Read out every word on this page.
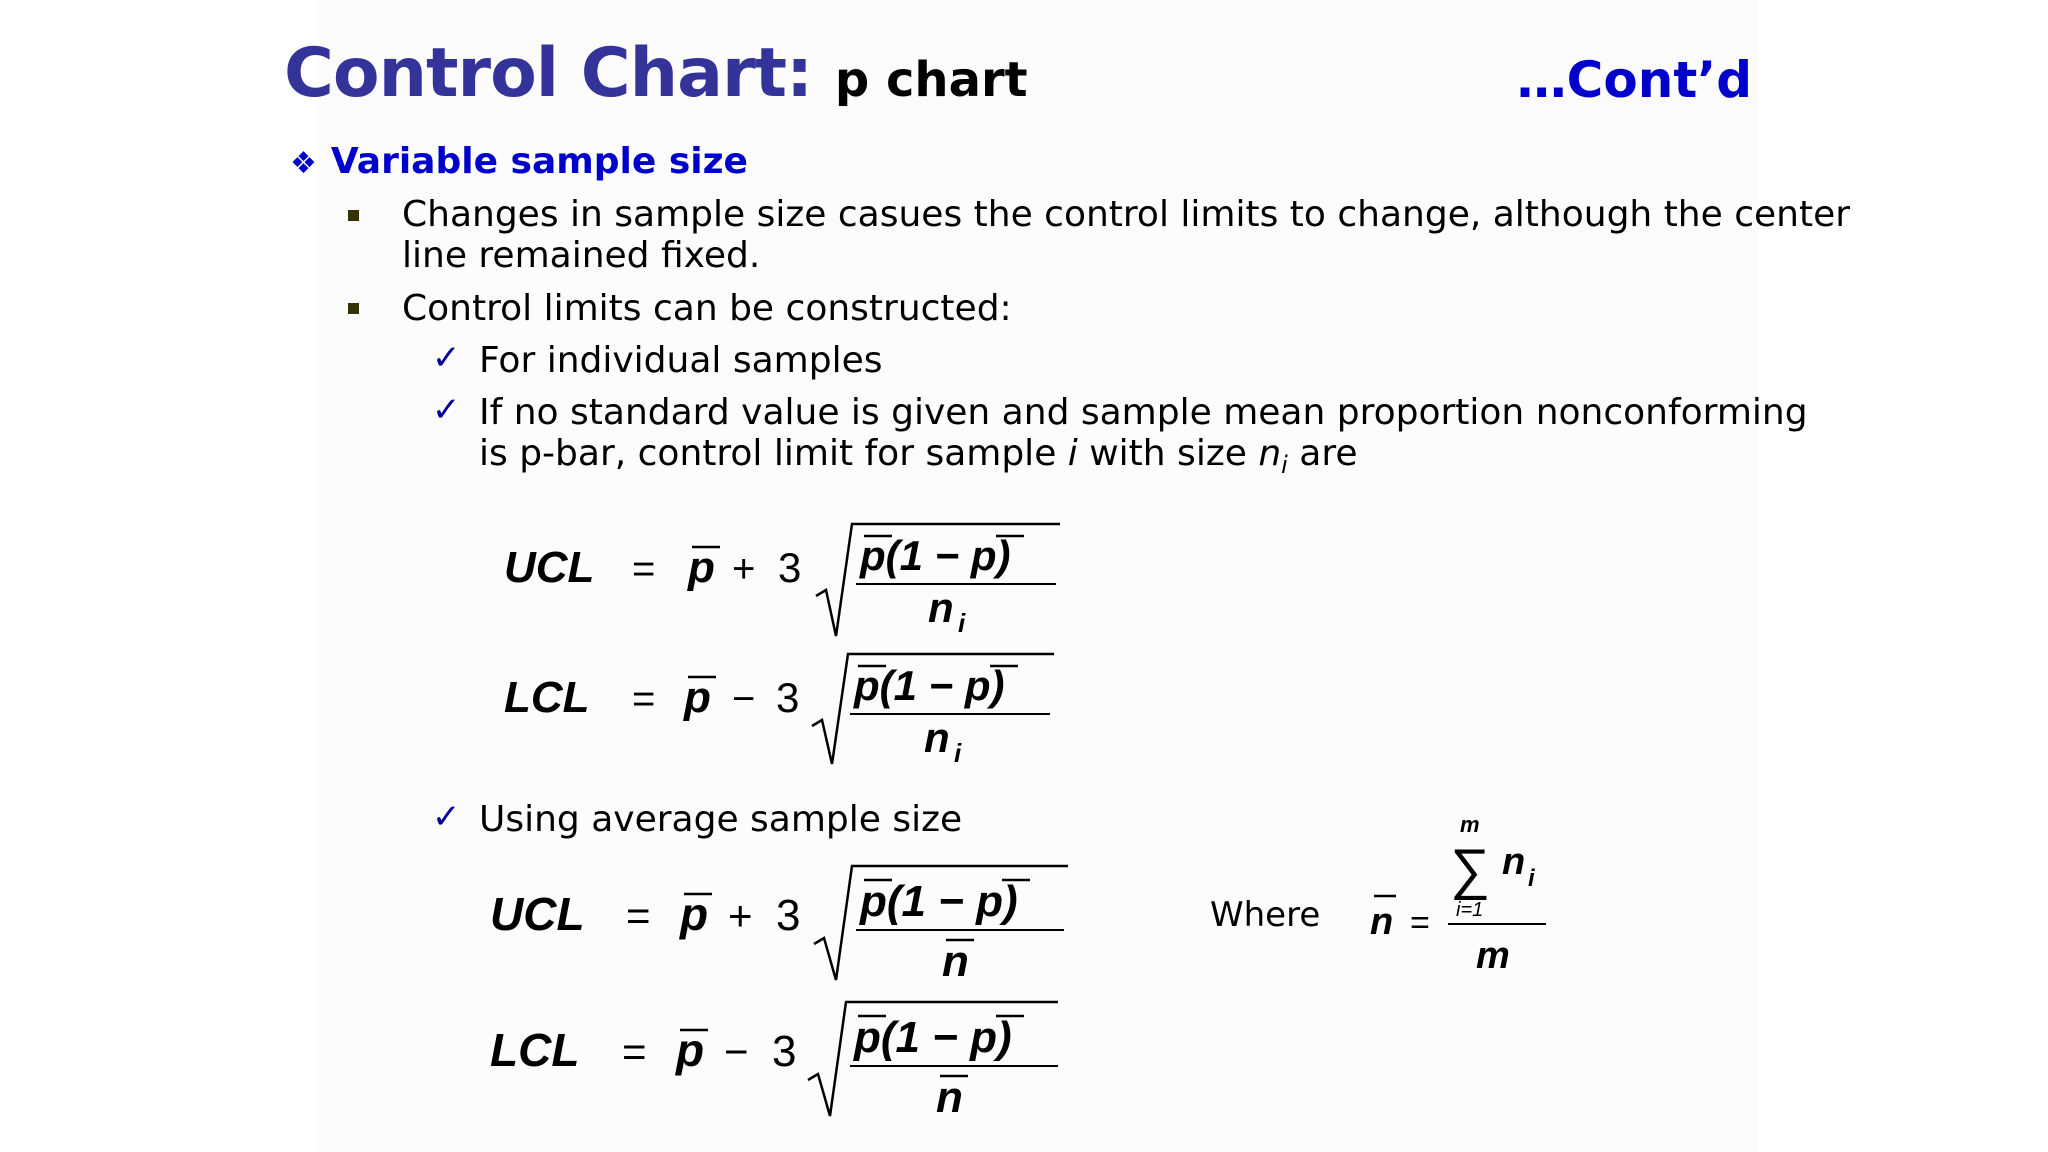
Control Chart: p chart	…Cont’d
❖ Variable sample size
Changes in sample size casues the control limits to change, although the center
line remained fixed.
Control limits can be constructed:
✓ For individual samples
✓ If no standard value is given and sample mean proportion nonconforming
is p-bar, control limit for sample i with size $n_i$ are
UCL = p + 3 p(1 − p)
n i
LCL = p − 3 p(1 − p)
n i
✓ Using average sample size
UCL = p + 3 p(1 − p)
n
LCL = p − 3 p(1 − p)
n
Where n =
m
∑
i=1
n i
m
